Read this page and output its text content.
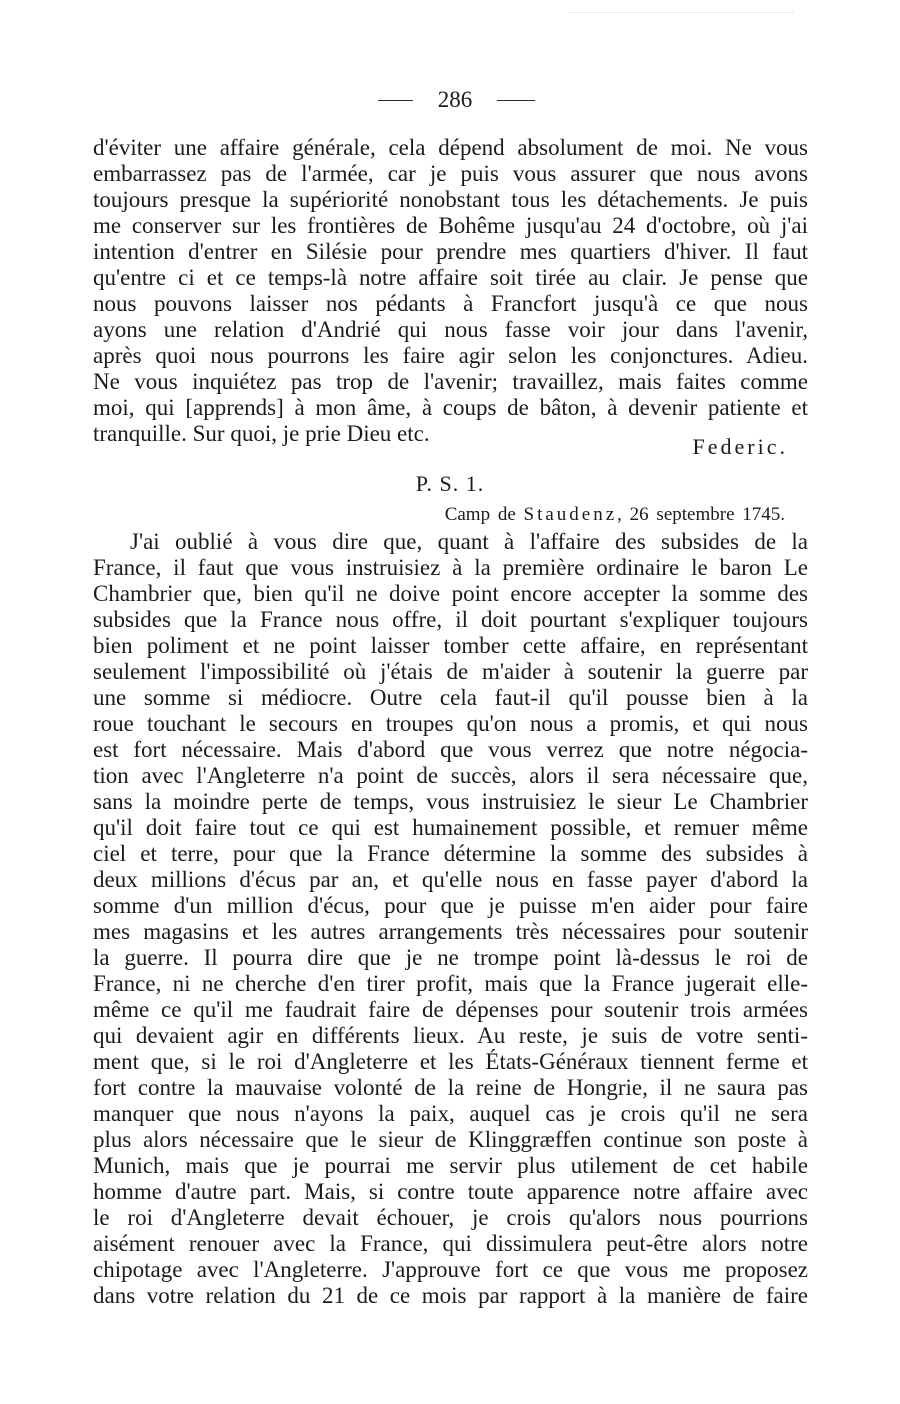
286
d'éviter une affaire générale, cela dépend absolument de moi. Ne vous
embarrassez pas de l'armée, car je puis vous assurer que nous avons
toujours presque la supériorité nonobstant tous les détachements. Je puis
me conserver sur les frontières de Bohême jusqu'au 24 d'octobre, où j'ai
intention d'entrer en Silésie pour prendre mes quartiers d'hiver. Il faut
qu'entre ci et ce temps-là notre affaire soit tirée au clair. Je pense que
nous pouvons laisser nos pédants à Francfort jusqu'à ce que nous
ayons une relation d'Andrié qui nous fasse voir jour dans l'avenir,
après quoi nous pourrons les faire agir selon les conjonctures. Adieu.
Ne vous inquiétez pas trop de l'avenir; travaillez, mais faites comme
moi, qui [apprends] à mon âme, à coups de bâton, à devenir patiente et
tranquille. Sur quoi, je prie Dieu etc.
Federic.
P. S. 1.
Camp de Staudenz, 26 septembre 1745.
J'ai oublié à vous dire que, quant à l'affaire des subsides de la
France, il faut que vous instruisiez à la première ordinaire le baron Le
Chambrier que, bien qu'il ne doive point encore accepter la somme des
subsides que la France nous offre, il doit pourtant s'expliquer toujours
bien poliment et ne point laisser tomber cette affaire, en représentant
seulement l'impossibilité où j'étais de m'aider à soutenir la guerre par
une somme si médiocre. Outre cela faut-il qu'il pousse bien à la
roue touchant le secours en troupes qu'on nous a promis, et qui nous
est fort nécessaire. Mais d'abord que vous verrez que notre négocia-
tion avec l'Angleterre n'a point de succès, alors il sera nécessaire que,
sans la moindre perte de temps, vous instruisiez le sieur Le Chambrier
qu'il doit faire tout ce qui est humainement possible, et remuer même
ciel et terre, pour que la France détermine la somme des subsides à
deux millions d'écus par an, et qu'elle nous en fasse payer d'abord la
somme d'un million d'écus, pour que je puisse m'en aider pour faire
mes magasins et les autres arrangements très nécessaires pour soutenir
la guerre. Il pourra dire que je ne trompe point là-dessus le roi de
France, ni ne cherche d'en tirer profit, mais que la France jugerait elle-
même ce qu'il me faudrait faire de dépenses pour soutenir trois armées
qui devaient agir en différents lieux. Au reste, je suis de votre senti-
ment que, si le roi d'Angleterre et les États-Généraux tiennent ferme et
fort contre la mauvaise volonté de la reine de Hongrie, il ne saura pas
manquer que nous n'ayons la paix, auquel cas je crois qu'il ne sera
plus alors nécessaire que le sieur de Klinggræffen continue son poste à
Munich, mais que je pourrai me servir plus utilement de cet habile
homme d'autre part. Mais, si contre toute apparence notre affaire avec
le roi d'Angleterre devait échouer, je crois qu'alors nous pourrions
aisément renouer avec la France, qui dissimulera peut-être alors notre
chipotage avec l'Angleterre. J'approuve fort ce que vous me proposez
dans votre relation du 21 de ce mois par rapport à la manière de faire
